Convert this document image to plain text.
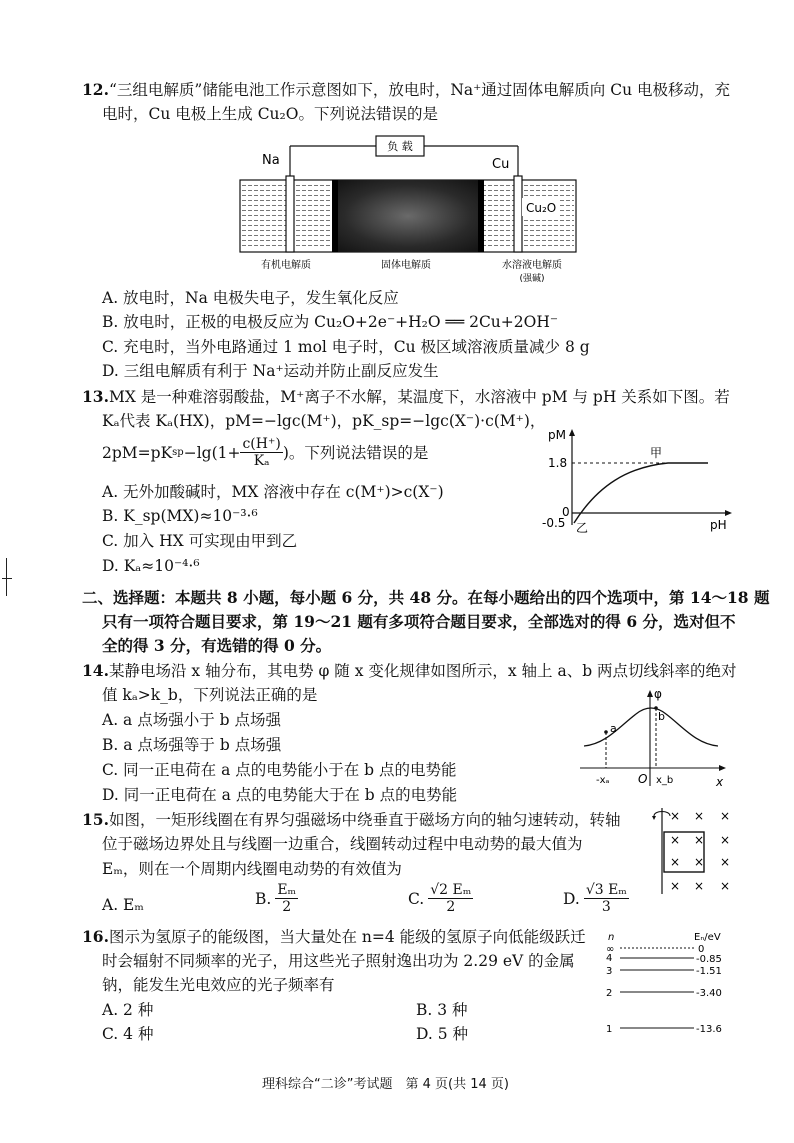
12.“三组电解质”储能电池工作示意图如下，放电时，Na⁺通过固体电解质向 Cu 电极移动，充
电时，Cu 电极上生成 Cu₂O。下列说法错误的是
负 载
Na	Cu
Cu₂O
有机电解质	固体电解质	水溶液电解质
(强碱)
A. 放电时，Na 电极失电子，发生氧化反应
B. 放电时，正极的电极反应为 Cu₂O+2e⁻+H₂O ══ 2Cu+2OH⁻
C. 充电时，当外电路通过 1 mol 电子时，Cu 极区域溶液质量减少 8 g
D. 三组电解质有利于 Na⁺运动并防止副反应发生
13.MX 是一种难溶弱酸盐，M⁺离子不水解，某温度下，水溶液中 pM 与 pH 关系如下图。若
Kₐ代表 Kₐ(HX)，pM=−lgc(M⁺)，pK_sp=−lgc(X⁻)·c(M⁺)，
2pM=pK sp $-\lg(1+ \frac{c(H^+)}{\text{Kₐ}}$ )。下列说法错误的是
A. 无外加酸碱时，MX 溶液中存在 c(M⁺)>c(X⁻)
B. K_sp(MX)≈10⁻³·⁶
C. 加入 HX 可实现由甲到乙
D. Kₐ≈10⁻⁴·⁶
pM
pH
1.8
0
-0.5
甲
乙
二、选择题：本题共 8 小题，每小题 6 分，共 48 分。在每小题给出的四个选项中，第 14～18 题
只有一项符合题目要求，第 19～21 题有多项符合题目要求，全部选对的得 6 分，选对但不
全的得 3 分，有选错的得 0 分。
14.某静电场沿 x 轴分布，其电势 φ 随 x 变化规律如图所示，x 轴上 a、b 两点切线斜率的绝对
值 kₐ>k_b，下列说法正确的是
A. a 点场强小于 b 点场强
B. a 点场强等于 b 点场强
C. 同一正电荷在 a 点的电势能小于在 b 点的电势能
D. 同一正电荷在 a 点的电势能大于在 b 点的电势能
φ
x
a
b
O
-xₐ	x_b
15.如图，一矩形线圈在有界匀强磁场中绕垂直于磁场方向的轴匀速转动，转轴
位于磁场边界处且与线圈一边重合，线圈转动过程中电动势的最大值为
Eₘ，则在一个周期内线圈电动势的有效值为
A. Eₘ	B. $\frac{\text{Eₘ}}{2}$	C. $\frac{\text{√2 Eₘ}}{2}$	D. $\frac{\text{√3 Eₘ}}{3}$
× × ×
× × ×
× × ×
× × ×
16.图示为氢原子的能级图，当大量处在 n=4 能级的氢原子向低能级跃迁
时会辐射不同频率的光子，用这些光子照射逸出功为 2.29 eV 的金属
钠，能发生光电效应的光子频率有
A. 2 种	B. 3 种
C. 4 种	D. 5 种
n	Eₙ/eV
∞	0
4	-0.85
3	-1.51
2	-3.40
1	-13.6
理科综合“二诊”考试题　第 4 页(共 14 页)
